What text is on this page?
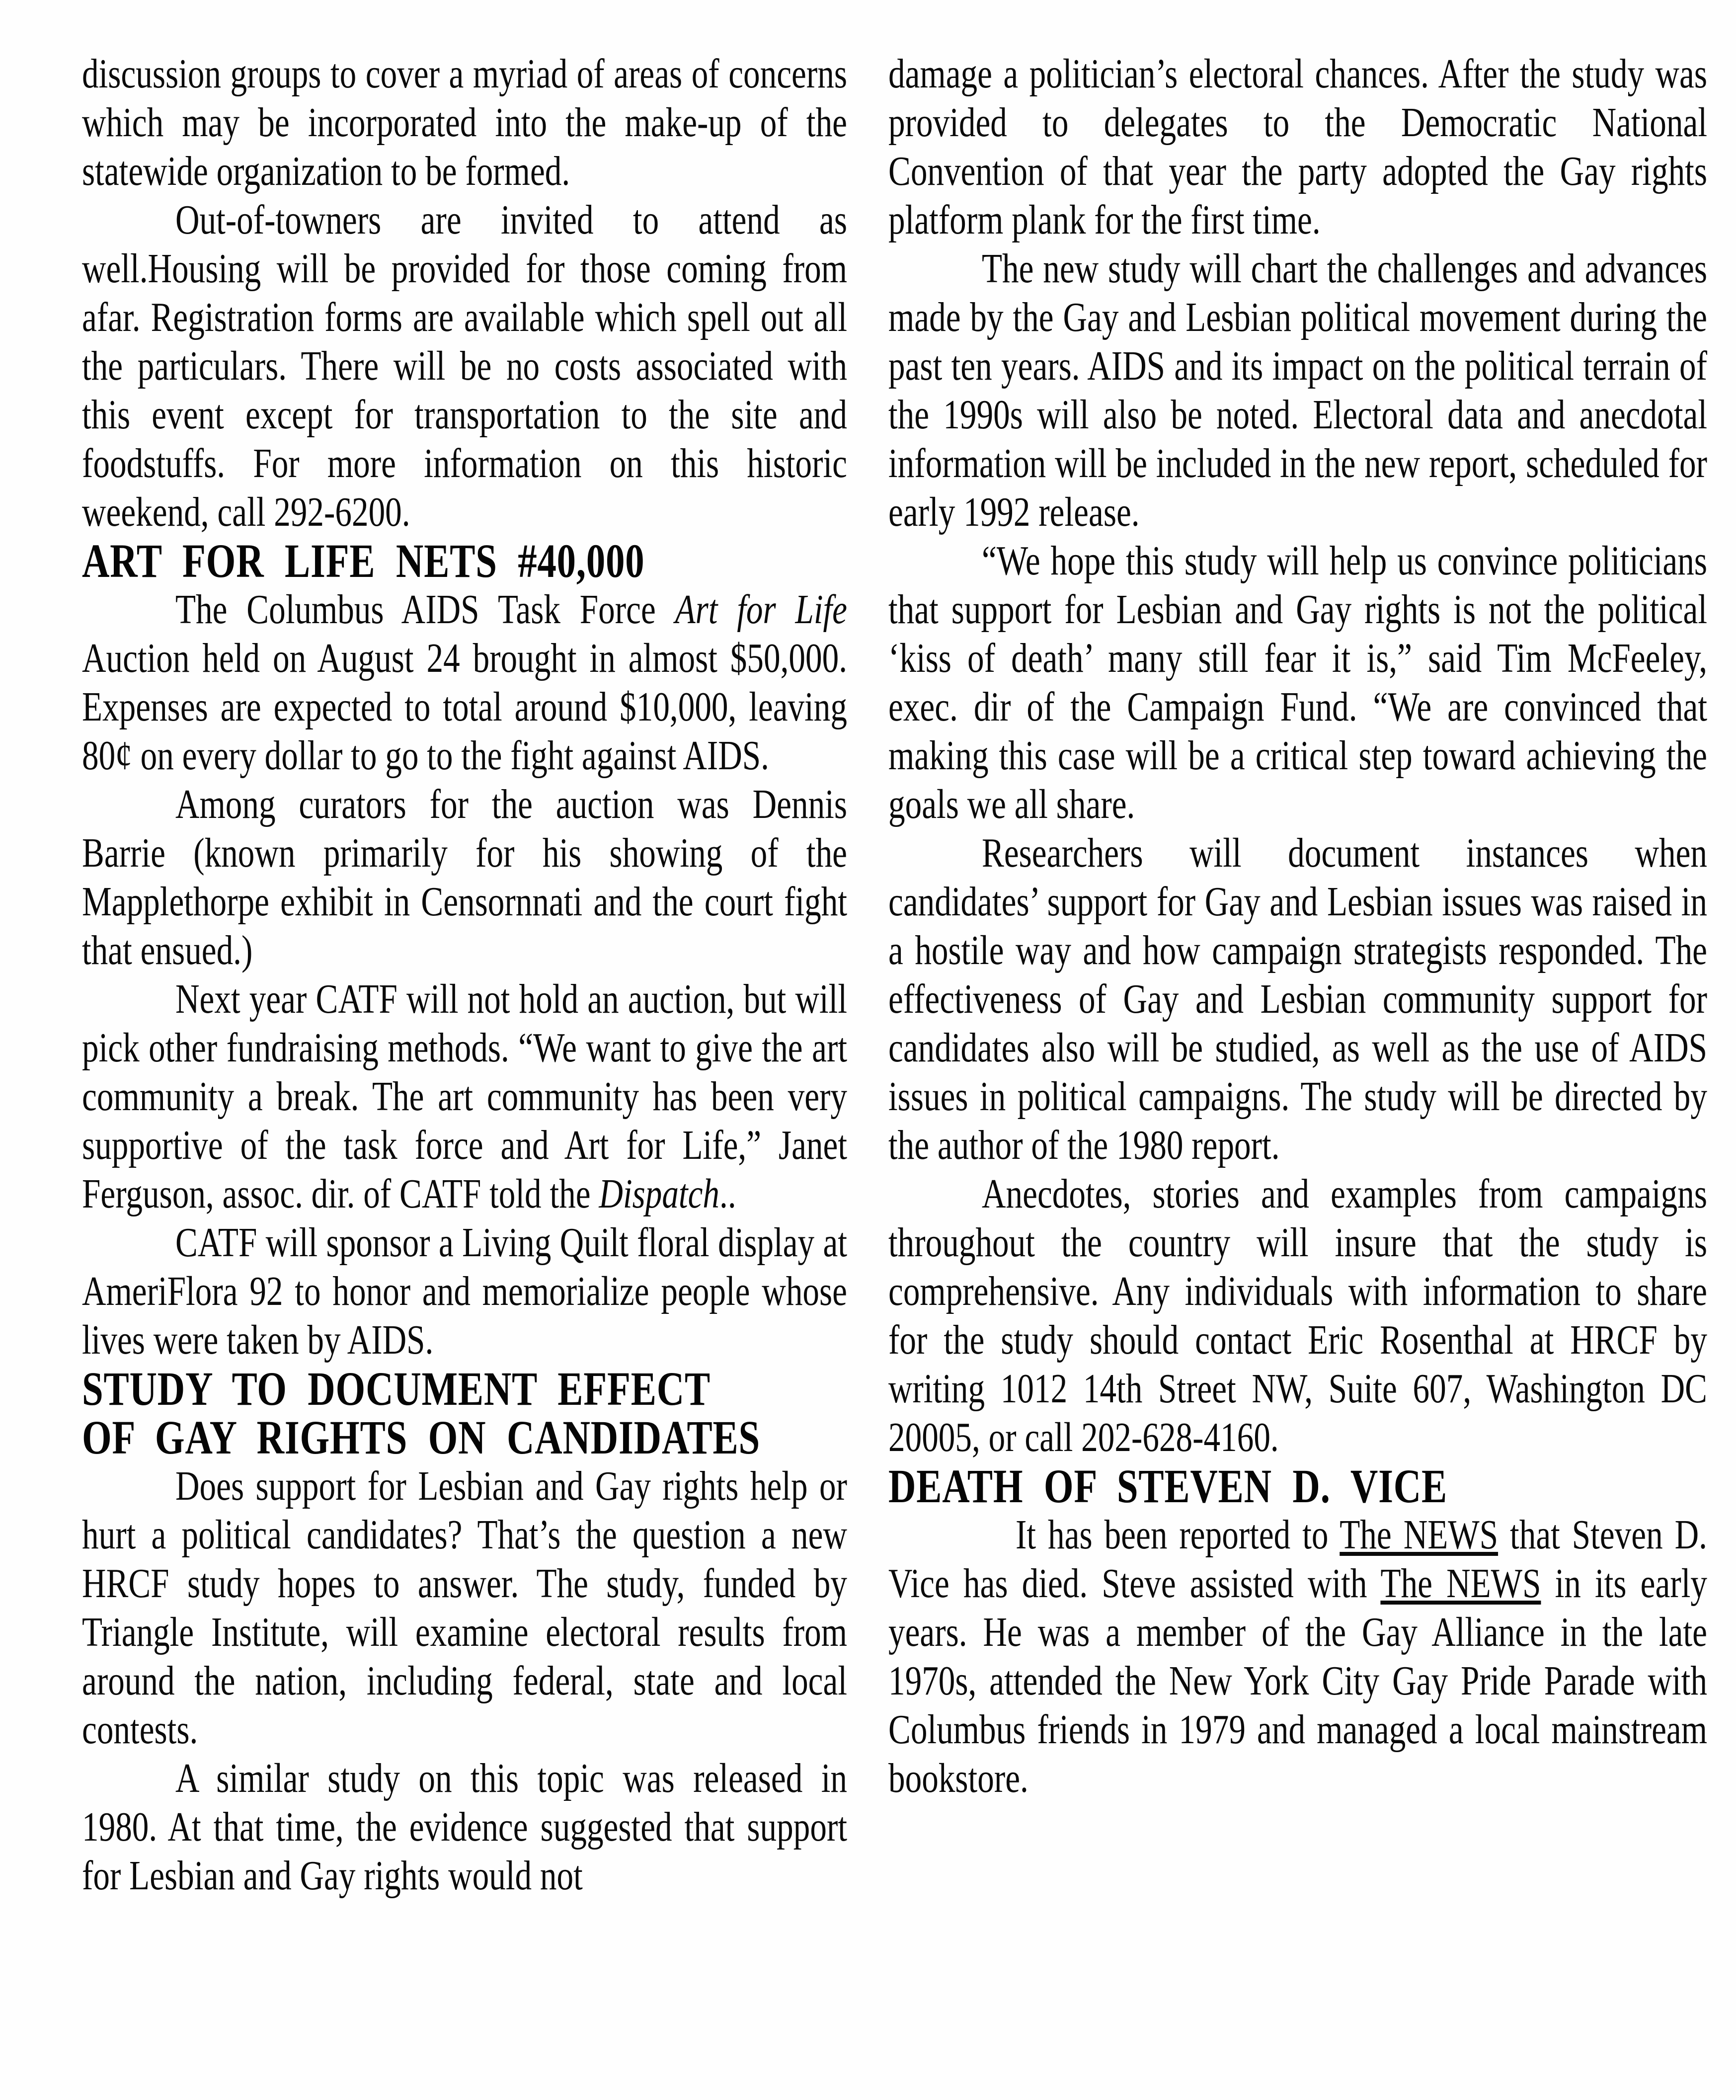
discussion groups to cover a myriad of areas of concerns which may be incorporated into the make-up of the statewide organization to be formed.

Out-of-towners are invited to attend as well.Housing will be provided for those coming from afar. Registration forms are available which spell out all the particulars. There will be no costs associated with this event except for transportation to the site and foodstuffs. For more information on this historic weekend, call 292-6200.

ART FOR LIFE NETS #40,000

The Columbus AIDS Task Force Art for Life Auction held on August 24 brought in almost $50,000. Expenses are expected to total around $10,000, leaving 80¢ on every dollar to go to the fight against AIDS.

Among curators for the auction was Dennis Barrie (known primarily for his showing of the Mapplethorpe exhibit in Censornnati and the court fight that ensued.)

Next year CATF will not hold an auction, but will pick other fundraising methods. “We want to give the art community a break. The art community has been very supportive of the task force and Art for Life,” Janet Ferguson, assoc. dir. of CATF told the Dispatch..

CATF will sponsor a Living Quilt floral display at AmeriFlora 92 to honor and memorialize people whose lives were taken by AIDS.

STUDY TO DOCUMENT EFFECT
OF GAY RIGHTS ON CANDIDATES

Does support for Lesbian and Gay rights help or hurt a political candidates? That’s the question a new HRCF study hopes to answer. The study, funded by Triangle Institute, will examine electoral results from around the nation, including federal, state and local contests.

A similar study on this topic was released in 1980. At that time, the evidence suggested that support for Lesbian and Gay rights would not

damage a politician’s electoral chances. After the study was provided to delegates to the Democratic National Convention of that year the party adopted the Gay rights platform plank for the first time.

The new study will chart the challenges and advances made by the Gay and Lesbian political movement during the past ten years. AIDS and its impact on the political terrain of the 1990s will also be noted. Electoral data and anecdotal information will be included in the new report, scheduled for early 1992 release.

“We hope this study will help us convince politicians that support for Lesbian and Gay rights is not the political ‘kiss of death’ many still fear it is,” said Tim McFeeley, exec. dir of the Campaign Fund. “We are convinced that making this case will be a critical step toward achieving the goals we all share.

Researchers will document instances when candidates’ support for Gay and Lesbian issues was raised in a hostile way and how campaign strategists responded. The effectiveness of Gay and Lesbian community support for candidates also will be studied, as well as the use of AIDS issues in political campaigns. The study will be directed by the author of the 1980 report.

Anecdotes, stories and examples from campaigns throughout the country will insure that the study is comprehensive. Any individuals with information to share for the study should contact Eric Rosenthal at HRCF by writing 1012 14th Street NW, Suite 607, Washington DC 20005, or call 202-628-4160.

DEATH OF STEVEN D. VICE

It has been reported to The NEWS that Steven D. Vice has died. Steve assisted with The NEWS in its early years. He was a member of the Gay Alliance in the late 1970s, attended the New York City Gay Pride Parade with Columbus friends in 1979 and managed a local mainstream bookstore.
